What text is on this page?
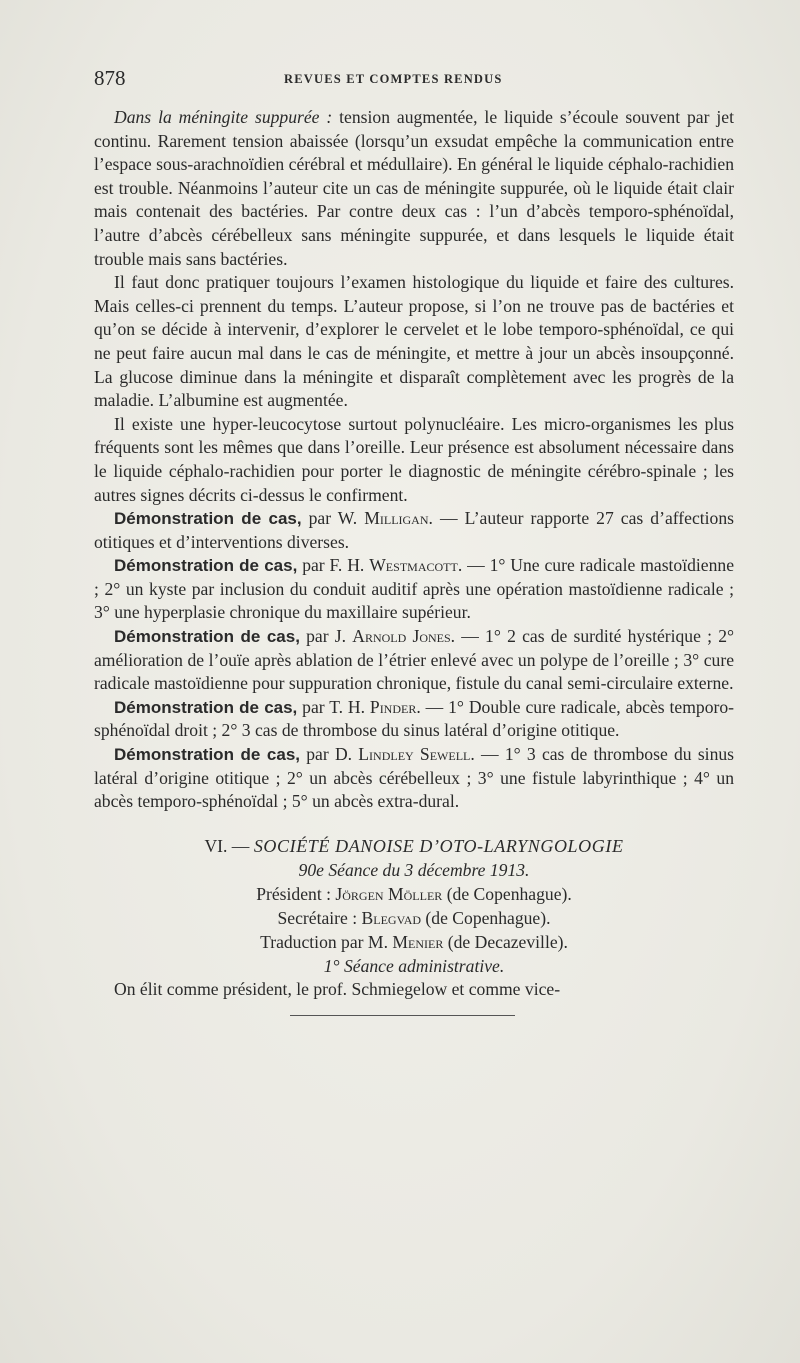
878	REVUES ET COMPTES RENDUS

Dans la méningite suppurée : tension augmentée, le liquide s’écoule souvent par jet continu. Rarement tension abaissée (lorsqu’un exsudat empêche la communication entre l’espace sous-arachnoïdien cérébral et médullaire). En général le liquide céphalo-rachidien est trouble. Néanmoins l’auteur cite un cas de méningite suppurée, où le liquide était clair mais contenait des bactéries. Par contre deux cas : l’un d’abcès temporo-sphénoïdal, l’autre d’abcès cérébelleux sans méningite suppurée, et dans lesquels le liquide était trouble mais sans bactéries.

Il faut donc pratiquer toujours l’examen histologique du liquide et faire des cultures. Mais celles-ci prennent du temps. L’auteur propose, si l’on ne trouve pas de bactéries et qu’on se décide à intervenir, d’explorer le cervelet et le lobe temporo-sphénoïdal, ce qui ne peut faire aucun mal dans le cas de méningite, et mettre à jour un abcès insoupçonné. La glucose diminue dans la méningite et disparaît complètement avec les progrès de la maladie. L’albumine est augmentée.

Il existe une hyper-leucocytose surtout polynucléaire. Les micro-organismes les plus fréquents sont les mêmes que dans l’oreille. Leur présence est absolument nécessaire dans le liquide céphalo-rachidien pour porter le diagnostic de méningite cérébro-spinale ; les autres signes décrits ci-dessus le confirment.

Démonstration de cas, par W. Milligan. — L’auteur rapporte 27 cas d’affections otitiques et d’interventions diverses.

Démonstration de cas, par F. H. Westmacott. — 1° Une cure radicale mastoïdienne ; 2° un kyste par inclusion du conduit auditif après une opération mastoïdienne radicale ; 3° une hyperplasie chronique du maxillaire supérieur.

Démonstration de cas, par J. Arnold Jones. — 1° 2 cas de surdité hystérique ; 2° amélioration de l’ouïe après ablation de l’étrier enlevé avec un polype de l’oreille ; 3° cure radicale mastoïdienne pour suppuration chronique, fistule du canal semi-circulaire externe.

Démonstration de cas, par T. H. Pinder. — 1° Double cure radicale, abcès temporo-sphénoïdal droit ; 2° 3 cas de thrombose du sinus latéral d’origine otitique.

Démonstration de cas, par D. Lindley Sewell. — 1° 3 cas de thrombose du sinus latéral d’origine otitique ; 2° un abcès cérébelleux ; 3° une fistule labyrinthique ; 4° un abcès temporo-sphénoïdal ; 5° un abcès extra-dural.

VI. — SOCIÉTÉ DANOISE D’OTO-LARYNGOLOGIE
90e Séance du 3 décembre 1913.
Président : Jörgen Möller (de Copenhague).
Secrétaire : Blegvad (de Copenhague).
Traduction par M. Menier (de Decazeville).
1° Séance administrative.

On élit comme président, le prof. Schmiegelow et comme vice-
